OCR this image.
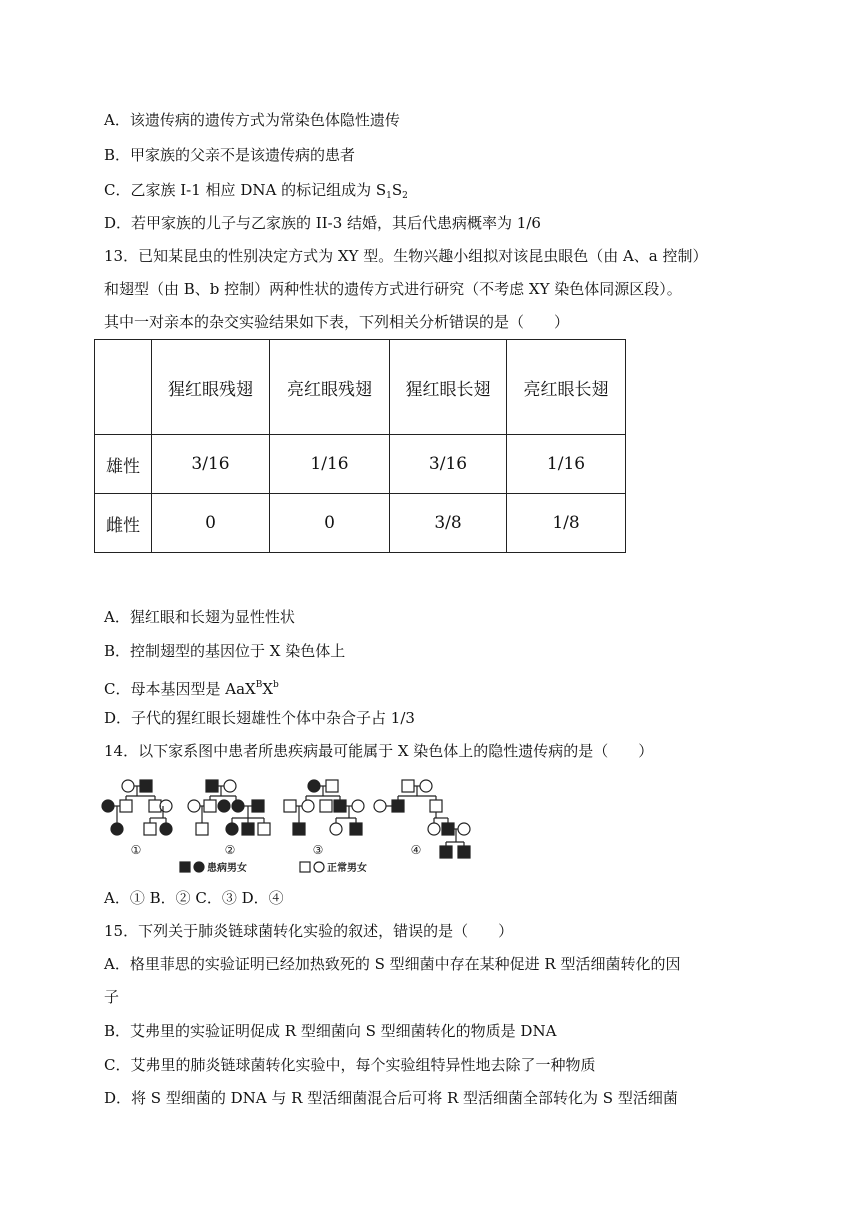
A．该遗传病的遗传方式为常染色体隐性遗传
B．甲家族的父亲不是该遗传病的患者
C．乙家族 I-1 相应 DNA 的标记组成为 $S_1S_2$
D．若甲家族的儿子与乙家族的 II-3 结婚，其后代患病概率为 1/6
13．已知某昆虫的性别决定方式为 XY 型。生物兴趣小组拟对该昆虫眼色（由 A、a 控制）
和翅型（由 B、b 控制）两种性状的遗传方式进行研究（不考虑 XY 染色体同源区段）。
其中一对亲本的杂交实验结果如下表，下列相关分析错误的是（　　）
	猩红眼残翅	亮红眼残翅	猩红眼长翅	亮红眼长翅
雄性	3/16	1/16	3/16	1/16
雌性	0	0	3/8	1/8
A．猩红眼和长翅为显性性状
B．控制翅型的基因位于 X 染色体上
C．母本基因型是 $AaX^BX^b$
D．子代的猩红眼长翅雄性个体中杂合子占 1/3
14．以下家系图中患者所患疾病最可能属于 X 染色体上的隐性遗传病的是（　　）
①	②	③	④
患病男女	正常男女
A．① B．② C．③ D．④
15．下列关于肺炎链球菌转化实验的叙述，错误的是（　　）
A．格里菲思的实验证明已经加热致死的 S 型细菌中存在某种促进 R 型活细菌转化的因
子
B．艾弗里的实验证明促成 R 型细菌向 S 型细菌转化的物质是 DNA
C．艾弗里的肺炎链球菌转化实验中，每个实验组特异性地去除了一种物质
D．将 S 型细菌的 DNA 与 R 型活细菌混合后可将 R 型活细菌全部转化为 S 型活细菌
